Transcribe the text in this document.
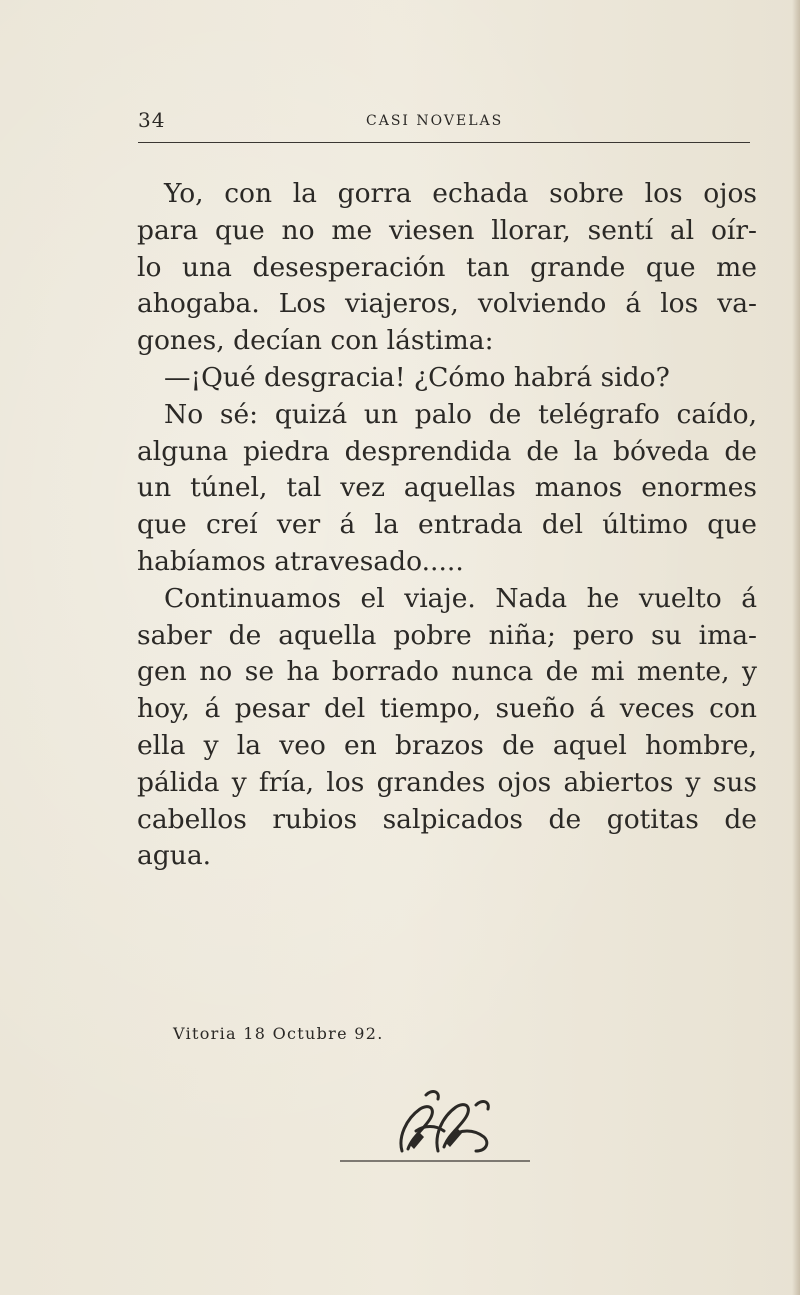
34	CASI NOVELAS
Yo, con la gorra echada sobre los ojos
para que no me viesen llorar, sentí al oír-
lo una desesperación tan grande que me
ahogaba. Los viajeros, volviendo á los va-
gones, decían con lástima:
—¡Qué desgracia! ¿Cómo habrá sido?
No sé: quizá un palo de telégrafo caído,
alguna piedra desprendida de la bóveda de
un túnel, tal vez aquellas manos enormes
que creí ver á la entrada del último que
habíamos atravesado.....
Continuamos el viaje. Nada he vuelto á
saber de aquella pobre niña; pero su ima-
gen no se ha borrado nunca de mi mente, y
hoy, á pesar del tiempo, sueño á veces con
ella y la veo en brazos de aquel hombre,
pálida y fría, los grandes ojos abiertos y sus
cabellos rubios salpicados de gotitas de
agua.
Vitoria 18 Octubre 92.
